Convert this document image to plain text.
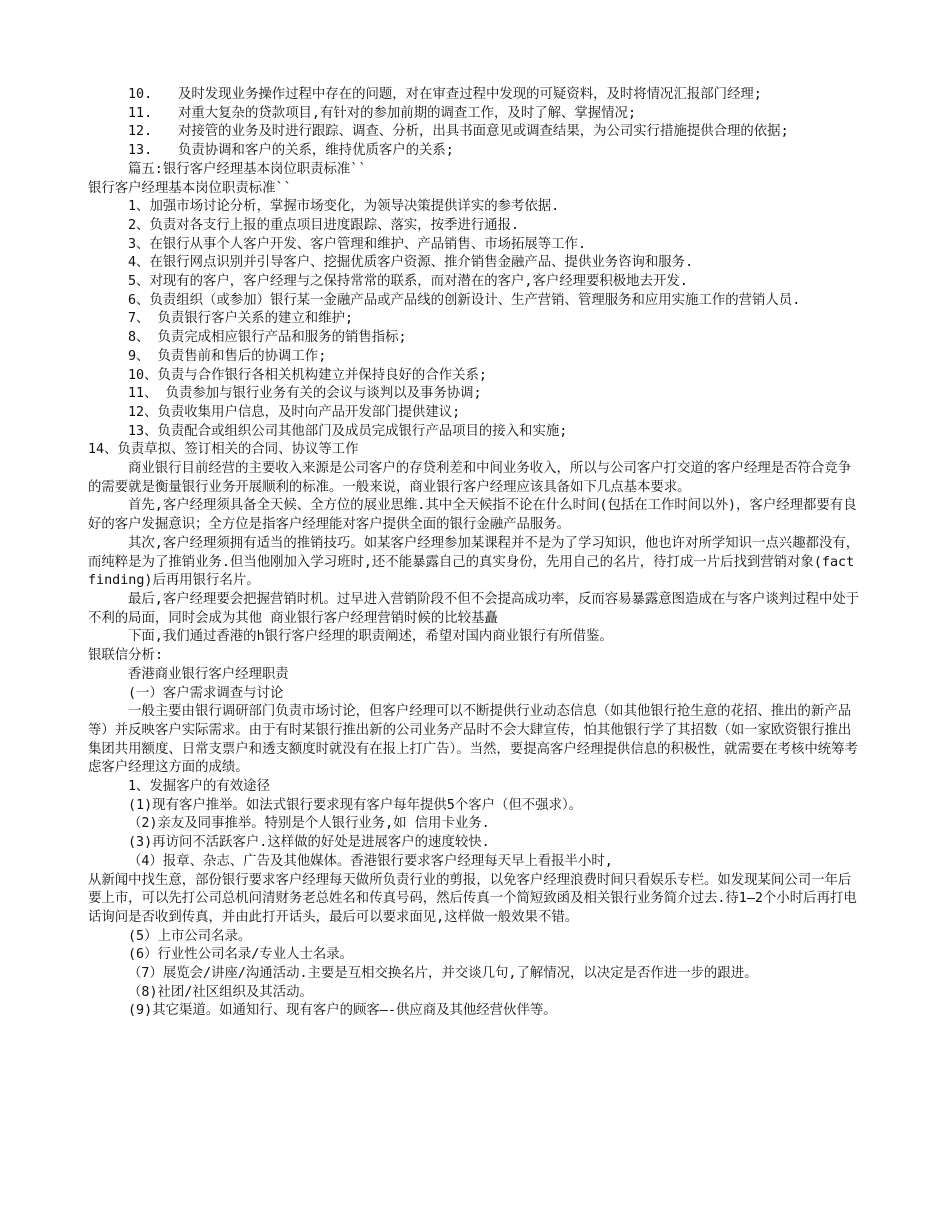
10.	及时发现业务操作过程中存在的问题，对在审查过程中发现的可疑资料，及时将情况汇报部门经理;
11.	对重大复杂的贷款项目,有针对的参加前期的调查工作，及时了解、掌握情况;
12.	对接管的业务及时进行跟踪、调查、分析，出具书面意见或调查结果，为公司实行措施提供合理的依据;
13.	负责协调和客户的关系，维持优质客户的关系;

篇五:银行客户经理基本岗位职责标准``

银行客户经理基本岗位职责标准``

1、加强市场讨论分析，掌握市场变化，为领导决策提供详实的参考依据.

2、负责对各支行上报的重点项目进度跟踪、落实，按季进行通报.

3、在银行从事个人客户开发、客户管理和维护、产品销售、市场拓展等工作.

4、在银行网点识别并引导客户、挖掘优质客户资源、推介销售金融产品、提供业务咨询和服务.

5、对现有的客户，客户经理与之保持常常的联系，而对潜在的客户,客户经理要积极地去开发.

6、负责组织（或参加）银行某一金融产品或产品线的创新设计、生产营销、管理服务和应用实施工作的营销人员.

7、 负责银行客户关系的建立和维护;

8、 负责完成相应银行产品和服务的销售指标;

9、 负责售前和售后的协调工作;

10、负责与合作银行各相关机构建立并保持良好的合作关系;

11、 负责参加与银行业务有关的会议与谈判以及事务协调;

12、负责收集用户信息，及时向产品开发部门提供建议;

13、负责配合或组织公司其他部门及成员完成银行产品项目的接入和实施;

14、负责草拟、签订相关的合同、协议等工作

商业银行目前经营的主要收入来源是公司客户的存贷利差和中间业务收入，所以与公司客户打交道的客户经理是否符合竞争的需要就是衡量银行业务开展顺利的标准。一般来说，商业银行客户经理应该具备如下几点基本要求。

首先,客户经理须具备全天候、全方位的展业思维.其中全天候指不论在什么时间(包括在工作时间以外)，客户经理都要有良好的客户发掘意识；全方位是指客户经理能对客户提供全面的银行金融产品服务。

其次,客户经理须拥有适当的推销技巧。如某客户经理参加某课程并不是为了学习知识，他也许对所学知识一点兴趣都没有，而纯粹是为了推销业务.但当他刚加入学习班时,还不能暴露自己的真实身份，先用自己的名片，待打成一片后找到营销对象(fact finding)后再用银行名片。

最后,客户经理要会把握营销时机。过早进入营销阶段不但不会提高成功率，反而容易暴露意图造成在与客户谈判过程中处于不利的局面，同时会成为其他 商业银行客户经理营销时候的比较基矗

下面,我们通过香港的h银行客户经理的职责阐述，希望对国内商业银行有所借鉴。

银联信分析:

香港商业银行客户经理职责

(一）客户需求调查与讨论

一般主要由银行调研部门负责市场讨论，但客户经理可以不断提供行业动态信息（如其他银行抢生意的花招、推出的新产品等）并反映客户实际需求。由于有时某银行推出新的公司业务产品时不会大肆宣传，怕其他银行学了其招数（如一家欧资银行推出集团共用额度、日常支票户和透支额度时就没有在报上打广告）。当然，要提高客户经理提供信息的积极性，就需要在考核中统筹考虑客户经理这方面的成绩。

1、发掘客户的有效途径

(1)现有客户推举。如法式银行要求现有客户每年提供5个客户（但不强求）。

（2)亲友及同事推举。特别是个人银行业务,如 信用卡业务.

(3)再访问不活跃客户.这样做的好处是进展客户的速度较快.

（4）报章、杂志、广告及其他媒体。香港银行要求客户经理每天早上看报半小时,

从新闻中找生意，部份银行要求客户经理每天做所负责行业的剪报，以免客户经理浪费时间只看娱乐专栏。如发现某间公司一年后要上市，可以先打公司总机问清财务老总姓名和传真号码，然后传真一个简短致函及相关银行业务简介过去.待1—2个小时后再打电话询问是否收到传真，并由此打开话头，最后可以要求面见,这样做一般效果不错。

(5）上市公司名录。

(6）行业性公司名录/专业人士名录。

（7）展览会/讲座/沟通活动.主要是互相交换名片，并交谈几句,了解情况，以决定是否作进一步的跟进。

（8)社团/社区组织及其活动。

(9)其它渠道。如通知行、现有客户的顾客—-供应商及其他经营伙伴等。
